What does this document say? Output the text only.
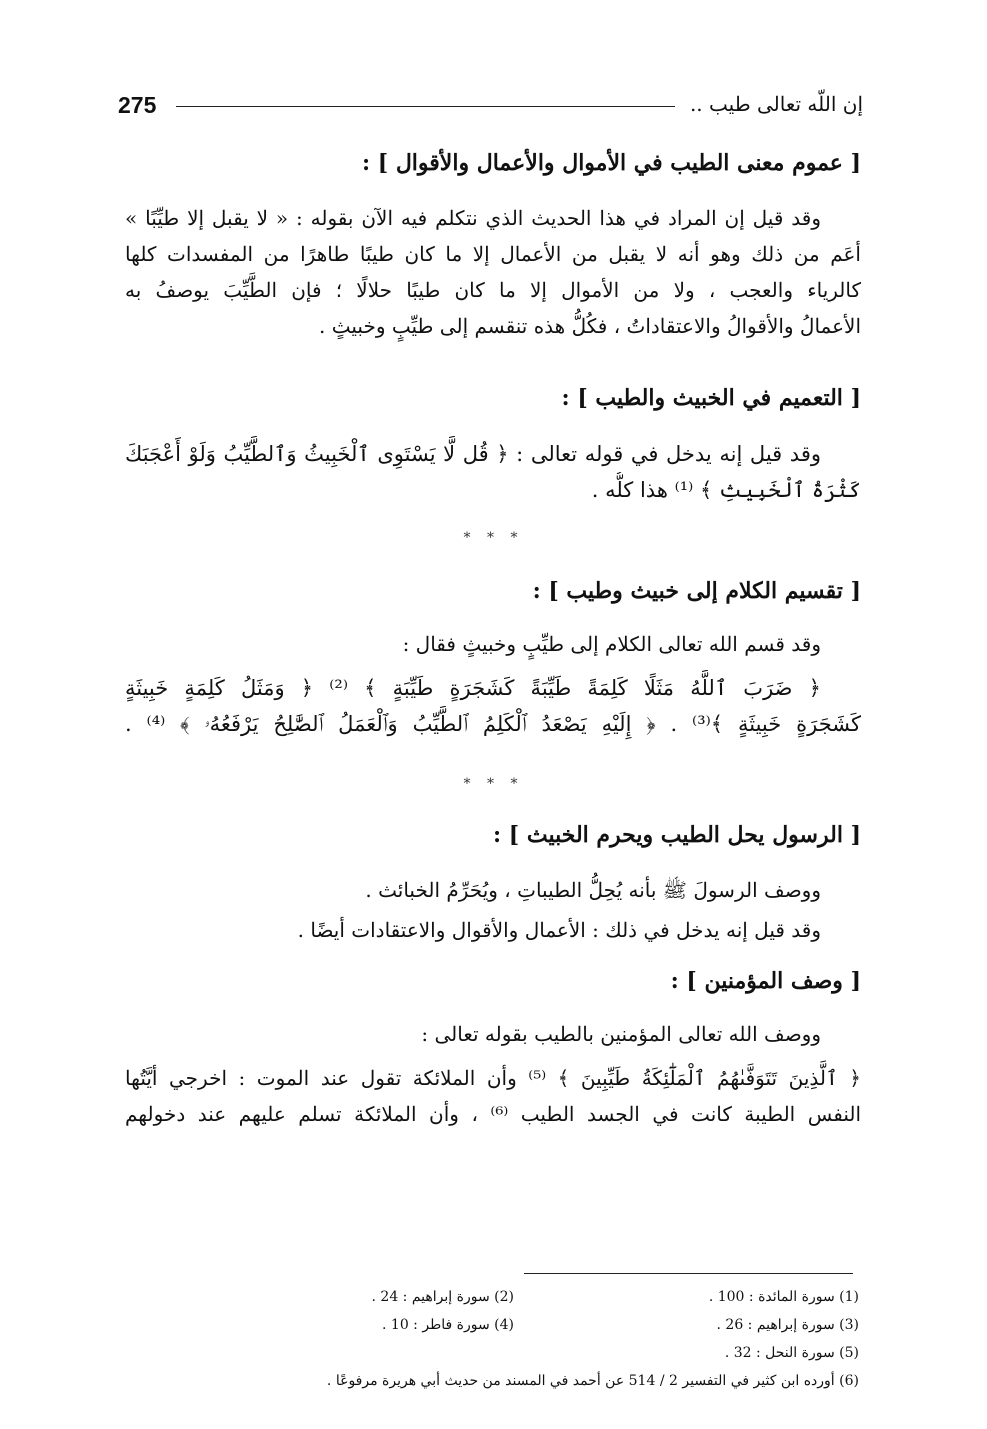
275	إن اللّه تعالى طيب ..
[ عموم معنى الطيب في الأموال والأعمال والأقوال ] :
وقد قيل إن المراد في هذا الحديث الذي نتكلم فيه الآن بقوله : « لا يقبل إلا طيِّبًا »
أعَم من ذلك وهو أنه لا يقبل من الأعمال إلا ما كان طيبًا طاهرًا من المفسدات كلها
كالرياء والعجب ، ولا من الأموال إلا ما كان طيبًا حلالًا ؛ فإن الطَّيِّبَ يوصفُ به
الأعمالُ والأقوالُ والاعتقاداتُ ، فكُلُّ هذه تنقسم إلى طيِّبٍ وخبيثٍ .
[ التعميم في الخبيث والطيب ] :
وقد قيل إنه يدخل في قوله تعالى : ﴿ قُل لَّا يَسْتَوِى ٱلْخَبِيثُ وَٱلطَّيِّبُ وَلَوْ أَعْجَبَكَ
كَثْرَةُ ٱلْخَبِيثِ ﴾ ⁽¹⁾ هذا كلُّه .
* * *
[ تقسيم الكلام إلى خبيث وطيب ] :
وقد قسم الله تعالى الكلام إلى طيِّبٍ وخبيثٍ فقال :
﴿ ضَرَبَ ٱللَّهُ مَثَلًا كَلِمَةً طَيِّبَةً كَشَجَرَةٍ طَيِّبَةٍ ﴾ ⁽²⁾ ﴿ وَمَثَلُ كَلِمَةٍ خَبِيثَةٍ
كَشَجَرَةٍ خَبِيثَةٍ ﴾⁽³⁾ . ﴿ إِلَيْهِ يَصْعَدُ ٱلْكَلِمُ ٱلطَّيِّبُ وَٱلْعَمَلُ ٱلصَّٰلِحُ يَرْفَعُهُۥ ﴾ ⁽⁴⁾ .
* * *
[ الرسول يحل الطيب ويحرم الخبيث ] :
ووصف الرسولَ ﷺ بأنه يُحِلُّ الطيباتِ ، ويُحَرِّمُ الخبائث .
وقد قيل إنه يدخل في ذلك : الأعمال والأقوال والاعتقادات أيضًا .
[ وصف المؤمنين ] :
ووصف الله تعالى المؤمنين بالطيب بقوله تعالى :
﴿ ٱلَّذِينَ تَتَوَفَّىٰهُمُ ٱلْمَلَٰٓئِكَةُ طَيِّبِينَ ﴾ ⁽⁵⁾ وأن الملائكة تقول عند الموت : اخرجي أيَّتُها
النفس الطيبة كانت في الجسد الطيب ⁽⁶⁾ ، وأن الملائكة تسلم عليهم عند دخولهم
(1) سورة المائدة : 100 .
(2) سورة إبراهيم : 24 .
(3) سورة إبراهيم : 26 .
(4) سورة فاطر : 10 .
(5) سورة النحل : 32 .
(6) أورده ابن كثير في التفسير 2 / 514 عن أحمد في المسند من حديث أبي هريرة مرفوعًا .
